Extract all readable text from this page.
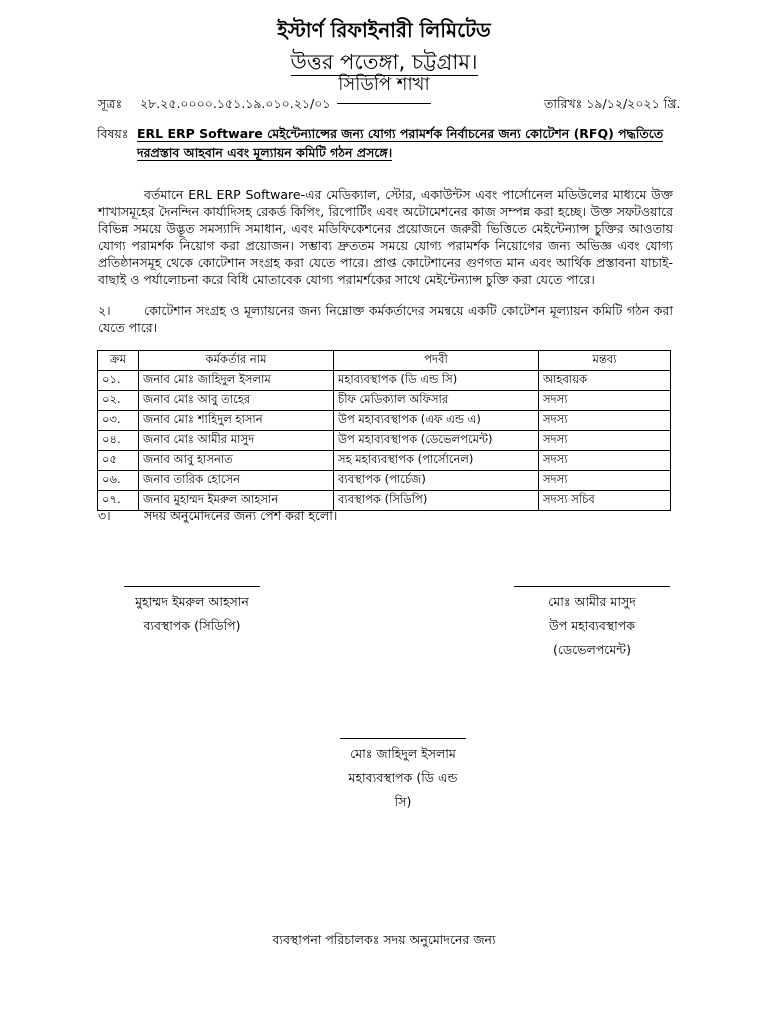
ইস্টার্ণ রিফাইনারী লিমিটেড
উত্তর পতেঙ্গা, চট্টগ্রাম।
সিডিপি শাখা
সূত্রঃ ২৮.২৫.০০০০.১৫১.১৯.০১০.২১/০১	তারিখঃ ১৯/১২/২০২১ খ্রি.
বিষয়ঃ ERL ERP Software মেইন্টেন্যান্সের জন্য যোগ্য পরামর্শক নির্বাচনের জন্য কোটেশন (RFQ) পদ্ধতিতে দরপ্রস্তাব আহবান এবং মূল্যায়ন কমিটি গঠন প্রসঙ্গে।
বর্তমানে ERL ERP Software-এর মেডিক্যাল, স্টোর, একাউন্টস এবং পার্সোনেল মডিউলের মাধ্যমে উক্ত শাখাসমূহের দৈনন্দিন কার্যাদিসহ রেকর্ড কিপিং, রিপোর্টিং এবং অটোমেশনের কাজ সম্পন্ন করা হচ্ছে। উক্ত সফটওয়ারে বিভিন্ন সময়ে উদ্ভূত সমস্যাদি সমাধান, এবং মডিফিকেশনের প্রয়োজনে জরুরী ভিত্তিতে মেইন্টেন্যান্স চুক্তির আওতায় যোগ্য পরামর্শক নিয়োগ করা প্রয়োজন। সম্ভাব্য দ্রুততম সময়ে যোগ্য পরামর্শক নিয়োগের জন্য অভিজ্ঞ এবং যোগ্য প্রতিষ্ঠানসমূহ থেকে কোটেশান সংগ্রহ করা যেতে পারে। প্রাপ্ত কোটেশানের গুণগত মান এবং আর্থিক প্রস্তাবনা যাচাই-বাছাই ও পর্যালোচনা করে বিধি মোতাবেক যোগ্য পরামর্শকের সাথে মেইন্টেন্যান্স চুক্তি করা যেতে পারে।
২।	কোটেশান সংগ্রহ ও মূল্যায়নের জন্য নিম্নোক্ত কর্মকর্তাদের সমন্বয়ে একটি কোটেশন মূল্যায়ন কমিটি গঠন করা যেতে পারে।
ক্রম	কর্মকর্তার নাম	পদবী	মন্তব্য
০১.	জনাব মোঃ জাহিদুল ইসলাম	মহাব্যবস্থাপক (ডি এন্ড সি)	আহবায়ক
০২.	জনাব মোঃ আবু তাহের	চীফ মেডিক্যাল অফিসার	সদস্য
০৩.	জনাব মোঃ শাহিদুল হাসান	উপ মহাব্যবস্থাপক (এফ এন্ড এ)	সদস্য
০৪.	জনাব মোঃ আমীর মাসুদ	উপ মহাব্যবস্থাপক (ডেভেলপমেন্ট)	সদস্য
০৫	জনাব আবু হাসনাত	সহ মহাব্যবস্থাপক (পার্সোনেল)	সদস্য
০৬.	জনাব তারিক হোসেন	ব্যবস্থাপক (পার্চেজ)	সদস্য
০৭.	জনাব মুহাম্মদ ইমরুল আহসান	ব্যবস্থাপক (সিডিপি)	সদস্য সচিব
৩।	সদয় অনুমোদনের জন্য পেশ করা হলো।
মুহাম্মদ ইমরুল আহসান
ব্যবস্থাপক (সিডিপি)
মোঃ আমীর মাসুদ
উপ মহাব্যবস্থাপক
(ডেভেলপমেন্ট)
মোঃ জাহিদুল ইসলাম
মহাব্যবস্থাপক (ডি এন্ড
সি)
ব্যবস্থাপনা পরিচালকঃ সদয় অনুমোদনের জন্য
